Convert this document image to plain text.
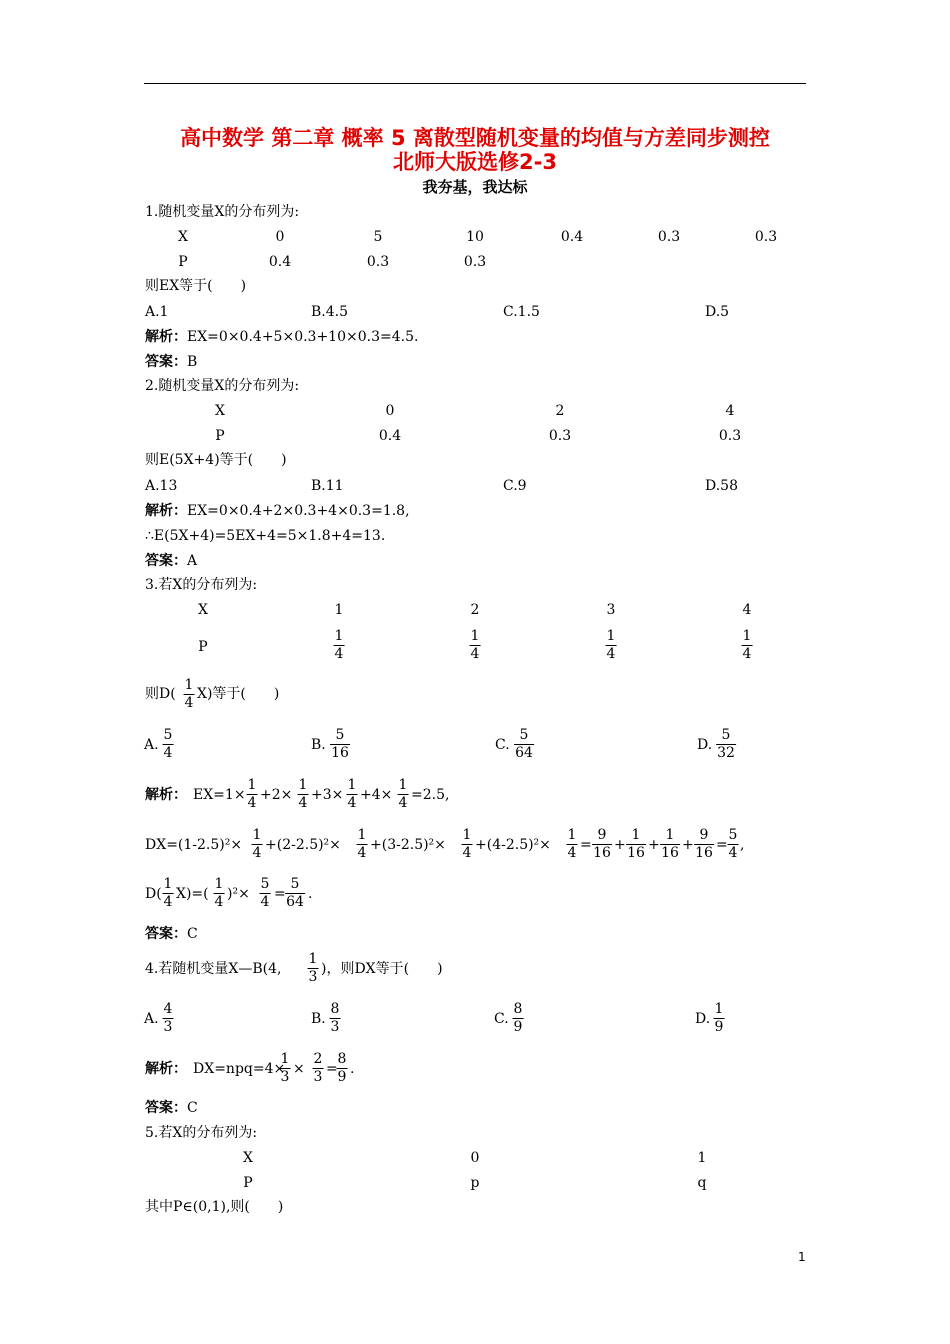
高中数学 第二章 概率 5 离散型随机变量的均值与方差同步测控
北师大版选修2-3
我夯基，我达标
1.随机变量X的分布列为:
X	0	5	10	0.4	0.3	0.3
P	0.4	0.3	0.3
则EX等于(　　)
A.1	B.4.5	C.1.5	D.5
解析：EX=0×0.4+5×0.3+10×0.3=4.5.
答案：B
2.随机变量X的分布列为:
X	0	2	4
P	0.4	0.3	0.3
则E(5X+4)等于(　　)
A.13	B.11	C.9	D.58
解析：EX=0×0.4+2×0.3+4×0.3=1.8,
∴E(5X+4)=5EX+4=5×1.8+4=13.
答案：A
3.若X的分布列为:
X	1	2	3	4
P	$\frac{1}{4}$	$\frac{1}{4}$	$\frac{1}{4}$	$\frac{1}{4}$
则$D( \frac{1}{4} X)$等于(　　)
A. $\frac{5}{4}$	B. $\frac{5}{16}$	C. $\frac{5}{64}$	D. $\frac{5}{32}$
解析： $EX=1\times \frac{1}{4} +2\times \frac{1}{4} +3\times \frac{1}{4} +4\times \frac{1}{4} =2.5$,
$DX=(1-2.5)^2\times \frac{1}{4} +(2-2.5)^2\times \frac{1}{4} +(3-2.5)^2\times \frac{1}{4} +(4-2.5)^2\times \frac{1}{4} = \frac{9}{16} + \frac{1}{16} + \frac{1}{16} + \frac{9}{16} = \frac{5}{4}$ ,
$D( \frac{1}{4} X)=( \frac{1}{4} )^2\times \frac{5}{4} = \frac{5}{64}$ .
答案：C
4.若随机变量X—B(4, $\frac{1}{3}$ )，则DX等于(　　)
A. $\frac{4}{3}$	B. $\frac{8}{3}$	C. $\frac{8}{9}$	D. $\frac{1}{9}$
解析： DX=npq=4×
$\frac{1}{3} \times \frac{2}{3}$ =
$\frac{8}{9}$ .
答案：C
5.若X的分布列为:
X	0	1
P	p	q
其中P∈(0,1),则(　　)
1
